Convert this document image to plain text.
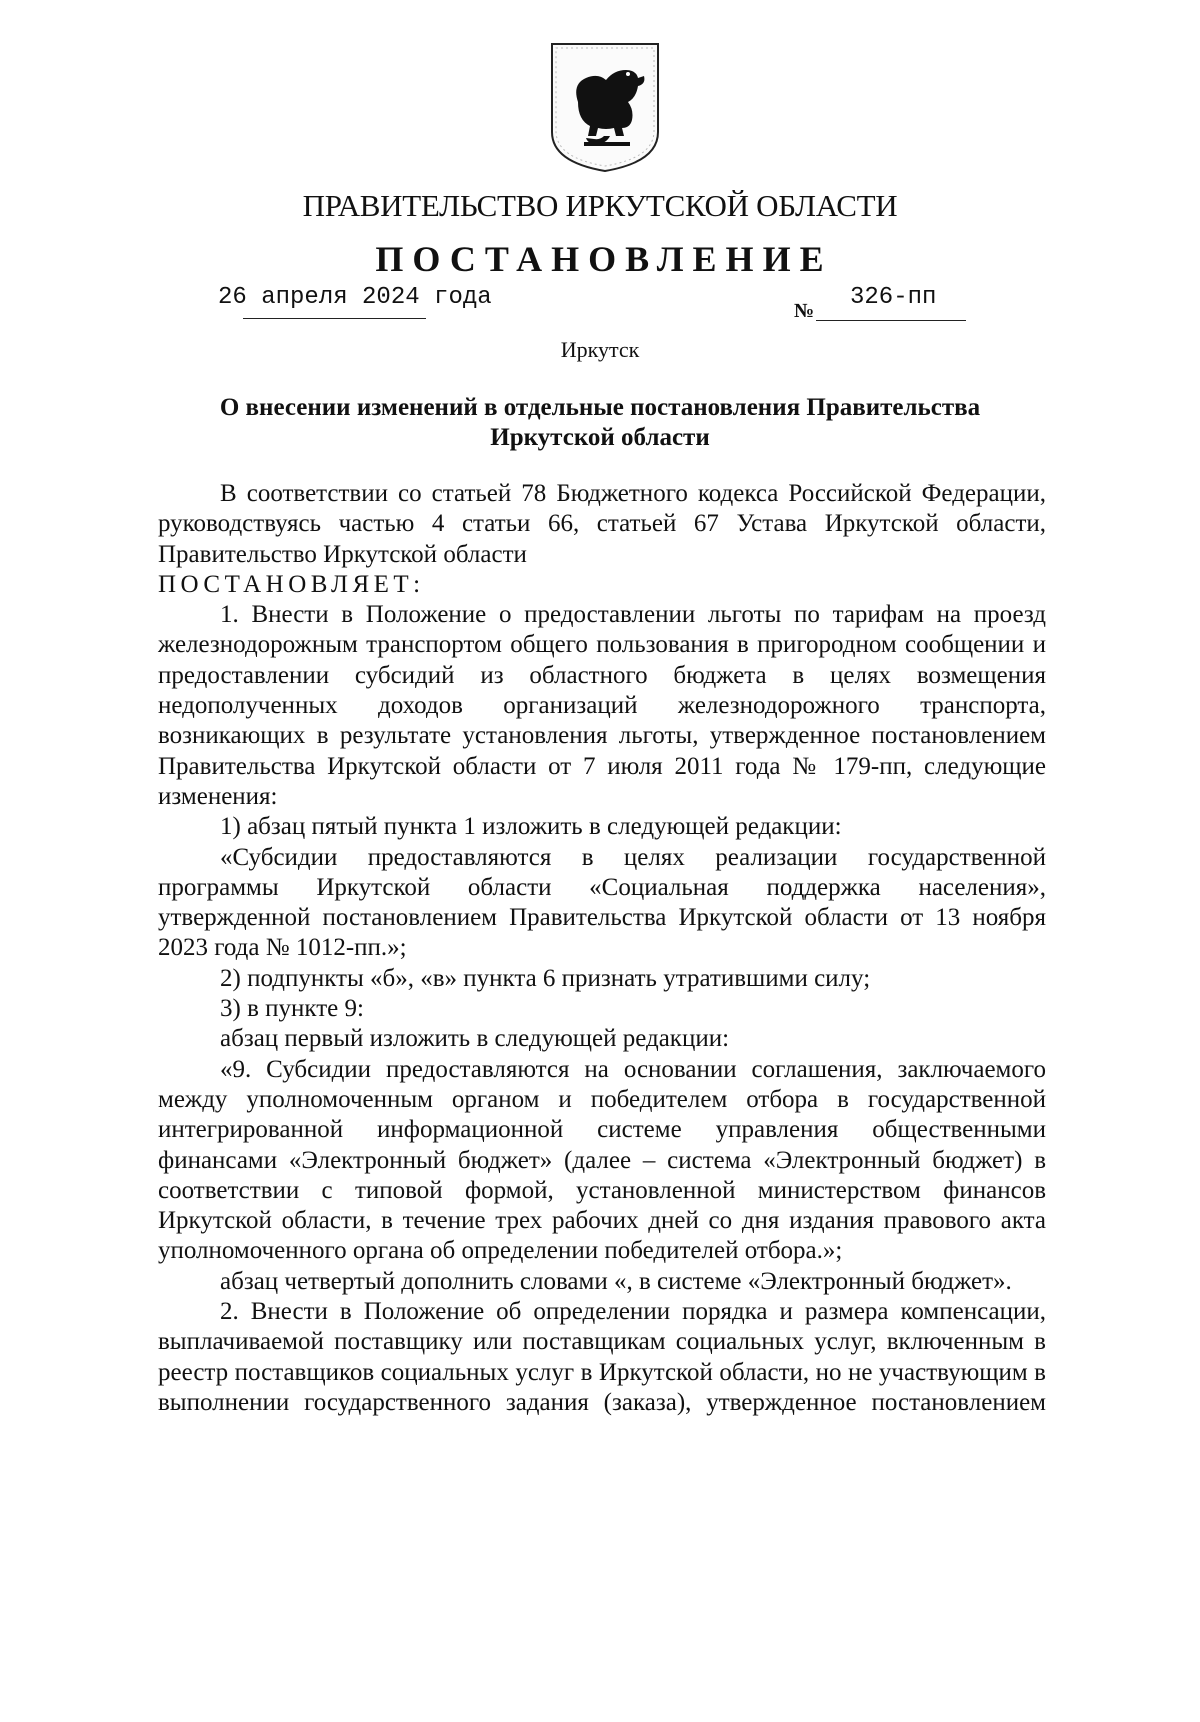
ПРАВИТЕЛЬСТВО ИРКУТСКОЙ ОБЛАСТИ
ПОСТАНОВЛЕНИЕ
26 апреля 2024 года	№ 326-пп
Иркутск
О внесении изменений в отдельные постановления Правительства Иркутской области

В соответствии со статьей 78 Бюджетного кодекса Российской Федерации, руководствуясь частью 4 статьи 66, статьей 67 Устава Иркутской области, Правительство Иркутской области

ПОСТАНОВЛЯЕТ:

1. Внести в Положение о предоставлении льготы по тарифам на проезд железнодорожным транспортом общего пользования в пригородном сообщении и предоставлении субсидий из областного бюджета в целях возмещения недополученных доходов организаций железнодорожного транспорта, возникающих в результате установления льготы, утвержденное постановлением Правительства Иркутской области от 7 июля 2011 года № 179-пп, следующие изменения:

1) абзац пятый пункта 1 изложить в следующей редакции:

«Субсидии предоставляются в целях реализации государственной программы Иркутской области «Социальная поддержка населения», утвержденной постановлением Правительства Иркутской области от 13 ноября 2023 года № 1012-пп.»;

2) подпункты «б», «в» пункта 6 признать утратившими силу;

3) в пункте 9:

абзац первый изложить в следующей редакции:

«9. Субсидии предоставляются на основании соглашения, заключаемого между уполномоченным органом и победителем отбора в государственной интегрированной информационной системе управления общественными финансами «Электронный бюджет» (далее – система «Электронный бюджет) в соответствии с типовой формой, установленной министерством финансов Иркутской области, в течение трех рабочих дней со дня издания правового акта уполномоченного органа об определении победителей отбора.»;

абзац четвертый дополнить словами «, в системе «Электронный бюджет».

2. Внести в Положение об определении порядка и размера компенсации, выплачиваемой поставщику или поставщикам социальных услуг, включенным в реестр поставщиков социальных услуг в Иркутской области, но не участвующим в выполнении государственного задания (заказа), утвержденное постановлением
